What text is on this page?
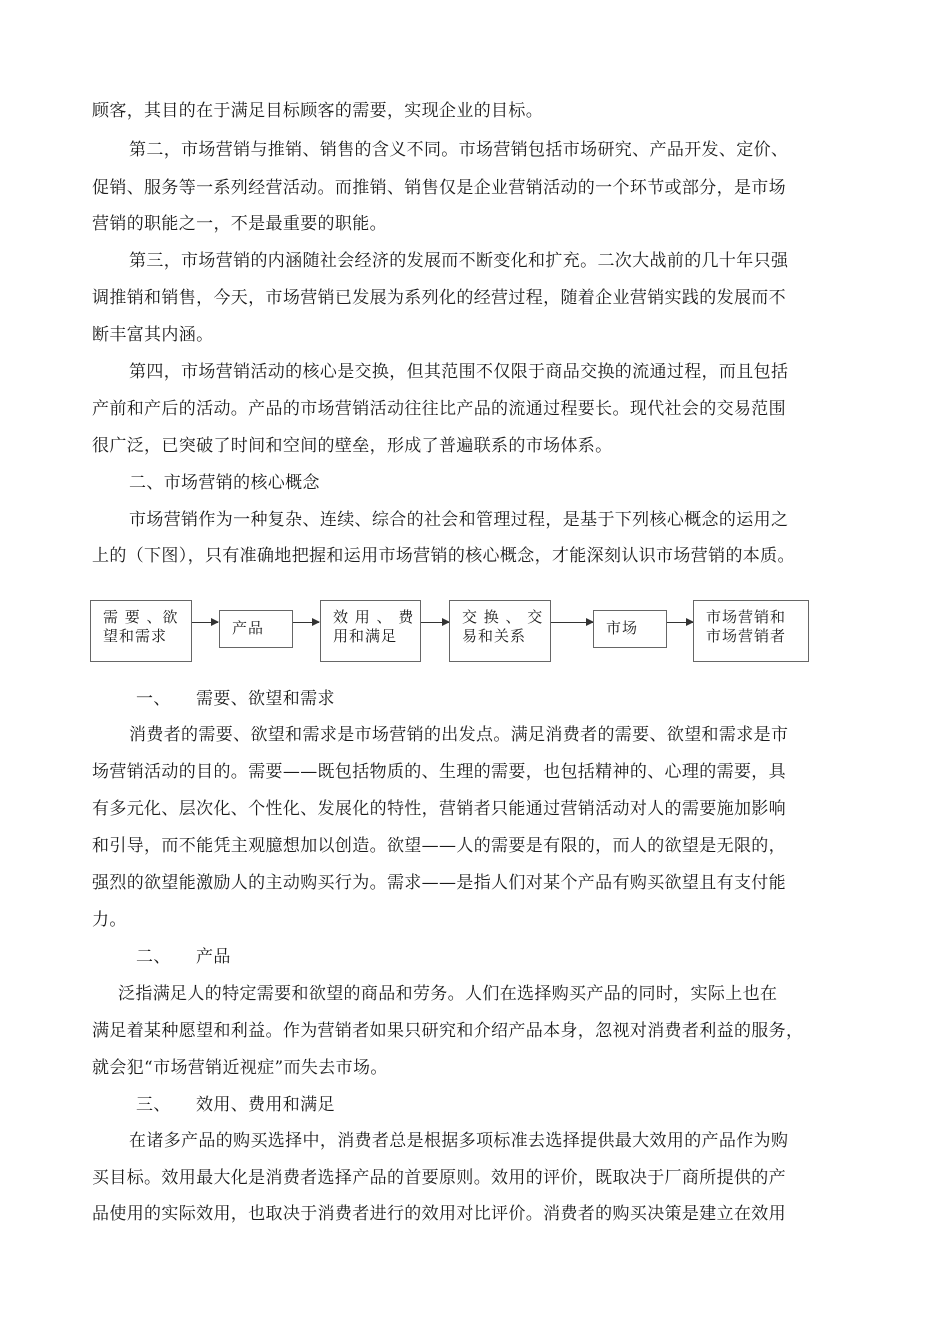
顾客，其目的在于满足目标顾客的需要，实现企业的目标。
第二，市场营销与推销、销售的含义不同。市场营销包括市场研究、产品开发、定价、
促销、服务等一系列经营活动。而推销、销售仅是企业营销活动的一个环节或部分，是市场
营销的职能之一，不是最重要的职能。
第三，市场营销的内涵随社会经济的发展而不断变化和扩充。二次大战前的几十年只强
调推销和销售，今天，市场营销已发展为系列化的经营过程，随着企业营销实践的发展而不
断丰富其内涵。
第四，市场营销活动的核心是交换，但其范围不仅限于商品交换的流通过程，而且包括
产前和产后的活动。产品的市场营销活动往往比产品的流通过程要长。现代社会的交易范围
很广泛，已突破了时间和空间的壁垒，形成了普遍联系的市场体系。
二、市场营销的核心概念
市场营销作为一种复杂、连续、综合的社会和管理过程，是基于下列核心概念的运用之
上的（下图），只有准确地把握和运用市场营销的核心概念，才能深刻认识市场营销的本质。
需 要 、欲
望和需求	产品
效 用 、 费
用和满足
交 换 、 交
易和关系	市场
市场营销和
市场营销者
一、 需要、欲望和需求
消费者的需要、欲望和需求是市场营销的出发点。满足消费者的需要、欲望和需求是市
场营销活动的目的。需要——既包括物质的、生理的需要，也包括精神的、心理的需要，具
有多元化、层次化、个性化、发展化的特性，营销者只能通过营销活动对人的需要施加影响
和引导，而不能凭主观臆想加以创造。欲望——人的需要是有限的，而人的欲望是无限的，
强烈的欲望能激励人的主动购买行为。需求——是指人们对某个产品有购买欲望且有支付能
力。
二、 产品
泛指满足人的特定需要和欲望的商品和劳务。人们在选择购买产品的同时，实际上也在
满足着某种愿望和利益。作为营销者如果只研究和介绍产品本身，忽视对消费者利益的服务，
就会犯“市场营销近视症”而失去市场。
三、 效用、费用和满足
在诸多产品的购买选择中，消费者总是根据多项标准去选择提供最大效用的产品作为购
买目标。效用最大化是消费者选择产品的首要原则。效用的评价，既取决于厂商所提供的产
品使用的实际效用，也取决于消费者进行的效用对比评价。消费者的购买决策是建立在效用
